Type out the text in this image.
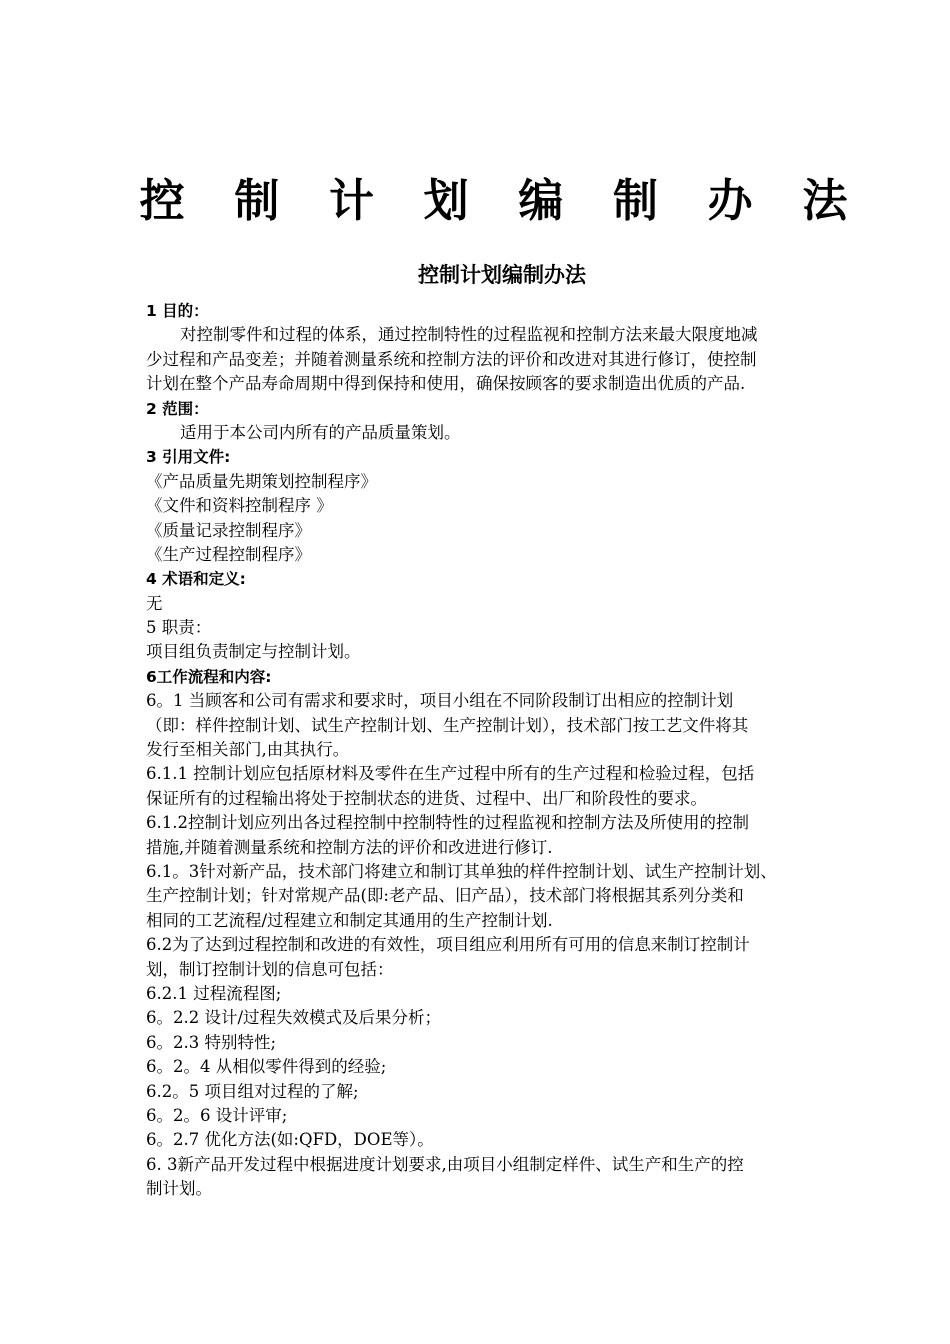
控 制 计 划 编 制 办 法
控制计划编制办法
1 目的：
对控制零件和过程的体系，通过控制特性的过程监视和控制方法来最大限度地减
少过程和产品变差；并随着测量系统和控制方法的评价和改进对其进行修订，使控制
计划在整个产品寿命周期中得到保持和使用，确保按顾客的要求制造出优质的产品.
2 范围：
适用于本公司内所有的产品质量策划。
3 引用文件:
《产品质量先期策划控制程序》
《文件和资料控制程序 》
《质量记录控制程序》
《生产过程控制程序》
4 术语和定义:
无
5 职责：
项目组负责制定与控制计划。
6工作流程和内容:
6。1 当顾客和公司有需求和要求时，项目小组在不同阶段制订出相应的控制计划
（即：样件控制计划、试生产控制计划、生产控制计划），技术部门按工艺文件将其
发行至相关部门,由其执行。
6.1.1 控制计划应包括原材料及零件在生产过程中所有的生产过程和检验过程，包括
保证所有的过程输出将处于控制状态的进货、过程中、出厂和阶段性的要求。
6.1.2控制计划应列出各过程控制中控制特性的过程监视和控制方法及所使用的控制
措施,并随着测量系统和控制方法的评价和改进进行修订.
6.1。3针对新产品，技术部门将建立和制订其单独的样件控制计划、试生产控制计划、
生产控制计划；针对常规产品(即:老产品、旧产品），技术部门将根据其系列分类和
相同的工艺流程/过程建立和制定其通用的生产控制计划.
6.2为了达到过程控制和改进的有效性，项目组应利用所有可用的信息来制订控制计
划，制订控制计划的信息可包括：
6.2.1 过程流程图;
6。2.2 设计/过程失效模式及后果分析；
6。2.3 特别特性;
6。2。4 从相似零件得到的经验;
6.2。5 项目组对过程的了解;
6。2。6 设计评审;
6。2.7 优化方法(如:QFD，DOE等）。
6. 3新产品开发过程中根据进度计划要求,由项目小组制定样件、试生产和生产的控
制计划。
